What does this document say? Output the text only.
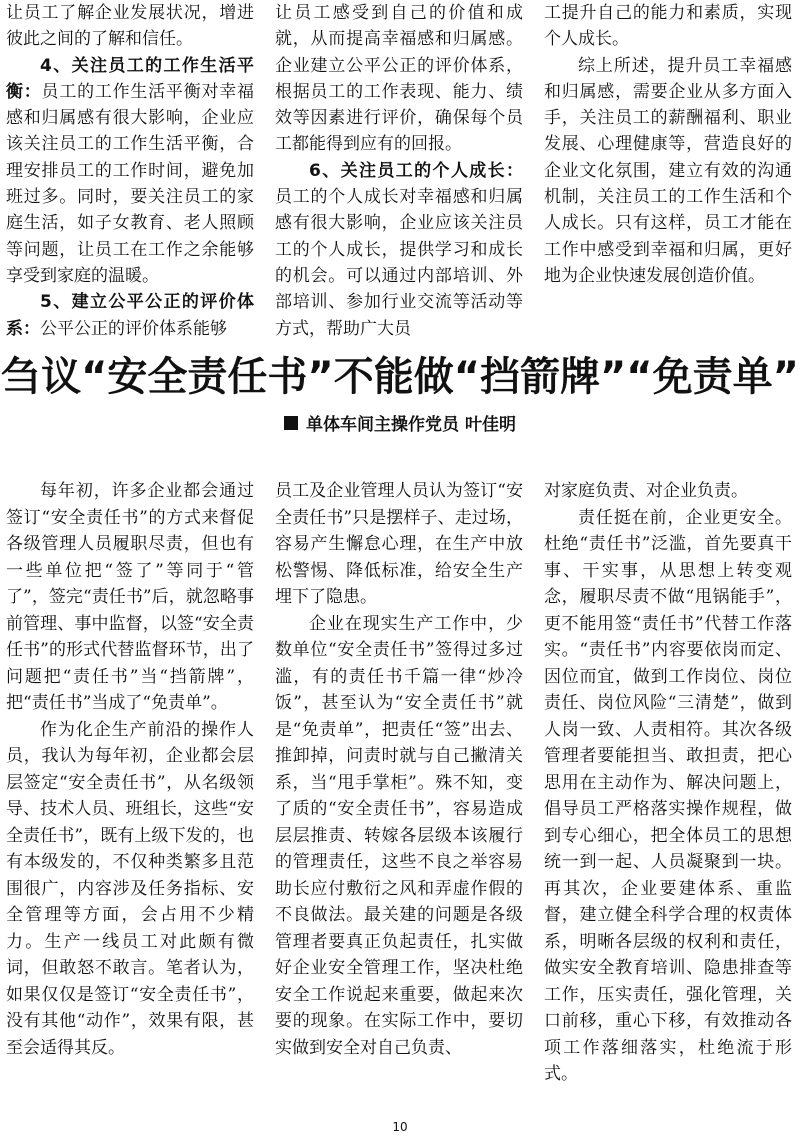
让员工了解企业发展状况，增进彼此之间的了解和信任。

4、关注员工的工作生活平衡：员工的工作生活平衡对幸福感和归属感有很大影响，企业应该关注员工的工作生活平衡，合理安排员工的工作时间，避免加班过多。同时，要关注员工的家庭生活，如子女教育、老人照顾等问题，让员工在工作之余能够享受到家庭的温暖。

5、建立公平公正的评价体系：公平公正的评价体系能够

让员工感受到自己的价值和成就，从而提高幸福感和归属感。企业建立公平公正的评价体系，根据员工的工作表现、能力、绩效等因素进行评价，确保每个员工都能得到应有的回报。

6、关注员工的个人成长：员工的个人成长对幸福感和归属感有很大影响，企业应该关注员工的个人成长，提供学习和成长的机会。可以通过内部培训、外部培训、参加行业交流等活动等方式，帮助广大员

工提升自己的能力和素质，实现个人成长。

综上所述，提升员工幸福感和归属感，需要企业从多方面入手，关注员工的薪酬福利、职业发展、心理健康等，营造良好的企业文化氛围，建立有效的沟通机制，关注员工的工作生活和个人成长。只有这样，员工才能在工作中感受到幸福和归属，更好地为企业快速发展创造价值。

刍议“安全责任书”不能做“挡箭牌”“免责单”
单体车间主操作党员 叶佳明

每年初，许多企业都会通过签订“安全责任书”的方式来督促各级管理人员履职尽责，但也有一些单位把“签了”等同于“管了”，签完“责任书”后，就忽略事前管理、事中监督，以签“安全责任书”的形式代替监督环节，出了问题把“责任书”当“挡箭牌”，把“责任书”当成了“免责单”。

作为化企生产前沿的操作人员，我认为每年初，企业都会层层签定“安全责任书”，从名级领导、技术人员、班组长，这些“安全责任书”，既有上级下发的，也有本级发的，不仅种类繁多且范围很广，内容涉及任务指标、安全管理等方面，会占用不少精力。生产一线员工对此颇有微词，但敢怒不敢言。笔者认为，如果仅仅是签订“安全责任书”，没有其他“动作”，效果有限，甚至会适得其反。

员工及企业管理人员认为签订“安全责任书”只是摆样子、走过场，容易产生懈怠心理，在生产中放松警惕、降低标准，给安全生产埋下了隐患。

企业在现实生产工作中，少数单位“安全责任书”签得过多过滥，有的责任书千篇一律“炒冷饭”，甚至认为“安全责任书”就是“免责单”，把责任“签”出去、推卸掉，问责时就与自己撇清关系，当“甩手掌柜”。殊不知，变了质的“安全责任书”，容易造成层层推责、转嫁各层级本该履行的管理责任，这些不良之举容易助长应付敷衍之风和弄虚作假的不良做法。最关建的问题是各级管理者要真正负起责任，扎实做好企业安全管理工作，坚决杜绝安全工作说起来重要，做起来次要的现象。在实际工作中，要切实做到安全对自己负责、

对家庭负责、对企业负责。

责任挺在前，企业更安全。杜绝“责任书”泛滥，首先要真干事、干实事，从思想上转变观念，履职尽责不做“甩锅能手”，更不能用签“责任书”代替工作落实。“责任书”内容要依岗而定、因位而宜，做到工作岗位、岗位责任、岗位风险“三清楚”，做到人岗一致、人责相符。其次各级管理者要能担当、敢担责，把心思用在主动作为、解决问题上，倡导员工严格落实操作规程，做到专心细心，把全体员工的思想统一到一起、人员凝聚到一块。再其次，企业要建体系、重监督，建立健全科学合理的权责体系，明晰各层级的权利和责任，做实安全教育培训、隐患排查等工作，压实责任，强化管理，关口前移，重心下移，有效推动各项工作落细落实，杜绝流于形式。

10
